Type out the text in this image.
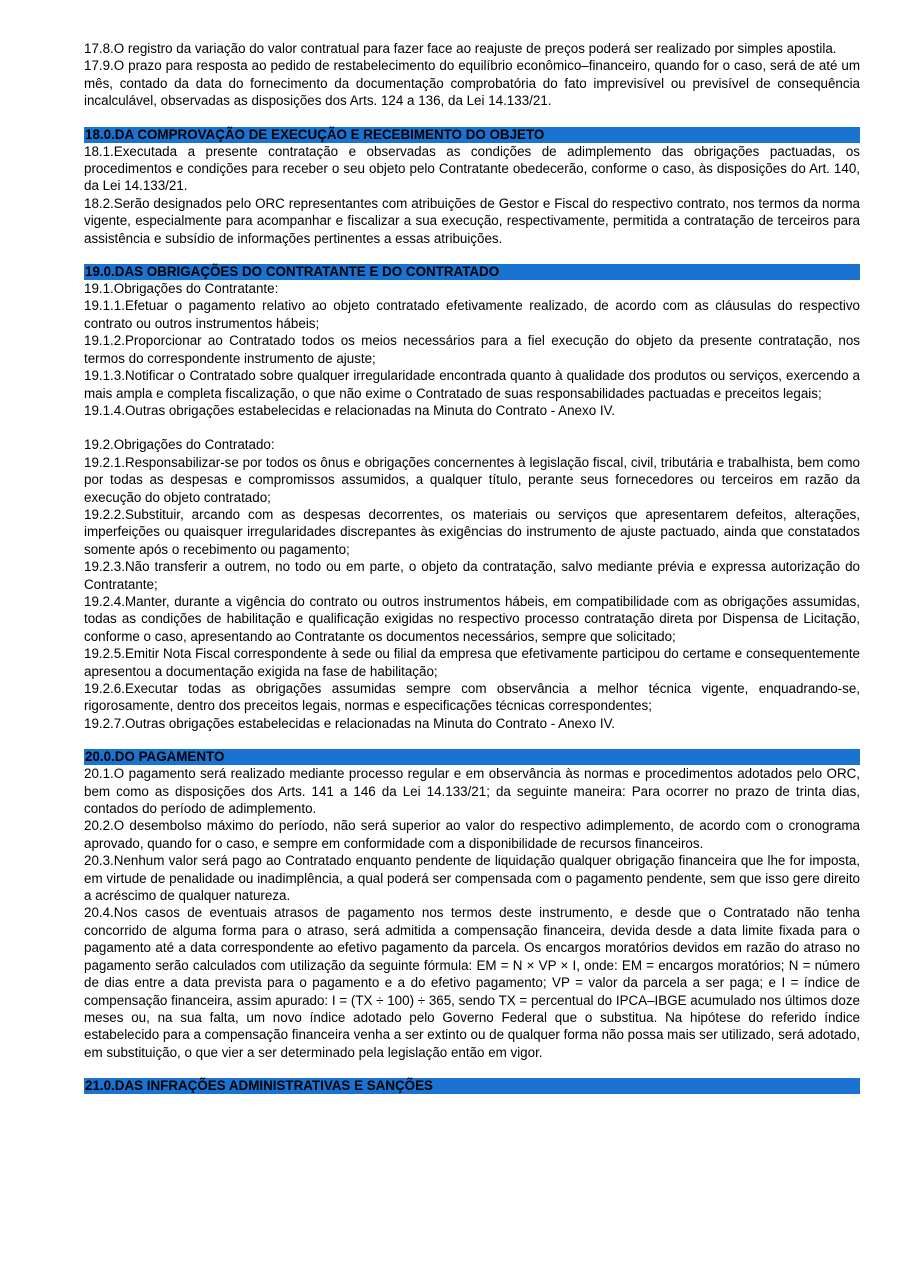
17.8.O registro da variação do valor contratual para fazer face ao reajuste de preços poderá ser realizado por simples apostila.

17.9.O prazo para resposta ao pedido de restabelecimento do equilíbrio econômico–financeiro, quando for o caso, será de até um mês, contado da data do fornecimento da documentação comprobatória do fato imprevisível ou previsível de consequência incalculável, observadas as disposições dos Arts. 124 a 136, da Lei 14.133/21.

18.0.DA COMPROVAÇÃO DE EXECUÇÃO E RECEBIMENTO DO OBJETO

18.1.Executada a presente contratação e observadas as condições de adimplemento das obrigações pactuadas, os procedimentos e condições para receber o seu objeto pelo Contratante obedecerão, conforme o caso, às disposições do Art. 140, da Lei 14.133/21.

18.2.Serão designados pelo ORC representantes com atribuições de Gestor e Fiscal do respectivo contrato, nos termos da norma vigente, especialmente para acompanhar e fiscalizar a sua execução, respectivamente, permitida a contratação de terceiros para assistência e subsídio de informações pertinentes a essas atribuições.

19.0.DAS OBRIGAÇÕES DO CONTRATANTE E DO CONTRATADO

19.1.Obrigações do Contratante:

19.1.1.Efetuar o pagamento relativo ao objeto contratado efetivamente realizado, de acordo com as cláusulas do respectivo contrato ou outros instrumentos hábeis;

19.1.2.Proporcionar ao Contratado todos os meios necessários para a fiel execução do objeto da presente contratação, nos termos do correspondente instrumento de ajuste;

19.1.3.Notificar o Contratado sobre qualquer irregularidade encontrada quanto à qualidade dos produtos ou serviços, exercendo a mais ampla e completa fiscalização, o que não exime o Contratado de suas responsabilidades pactuadas e preceitos legais;

19.1.4.Outras obrigações estabelecidas e relacionadas na Minuta do Contrato - Anexo IV.

19.2.Obrigações do Contratado:

19.2.1.Responsabilizar-se por todos os ônus e obrigações concernentes à legislação fiscal, civil, tributária e trabalhista, bem como por todas as despesas e compromissos assumidos, a qualquer título, perante seus fornecedores ou terceiros em razão da execução do objeto contratado;

19.2.2.Substituir, arcando com as despesas decorrentes, os materiais ou serviços que apresentarem defeitos, alterações, imperfeições ou quaisquer irregularidades discrepantes às exigências do instrumento de ajuste pactuado, ainda que constatados somente após o recebimento ou pagamento;

19.2.3.Não transferir a outrem, no todo ou em parte, o objeto da contratação, salvo mediante prévia e expressa autorização do Contratante;

19.2.4.Manter, durante a vigência do contrato ou outros instrumentos hábeis, em compatibilidade com as obrigações assumidas, todas as condições de habilitação e qualificação exigidas no respectivo processo contratação direta por Dispensa de Licitação, conforme o caso, apresentando ao Contratante os documentos necessários, sempre que solicitado;

19.2.5.Emitir Nota Fiscal correspondente à sede ou filial da empresa que efetivamente participou do certame e consequentemente apresentou a documentação exigida na fase de habilitação;

19.2.6.Executar todas as obrigações assumidas sempre com observância a melhor técnica vigente, enquadrando-se, rigorosamente, dentro dos preceitos legais, normas e especificações técnicas correspondentes;

19.2.7.Outras obrigações estabelecidas e relacionadas na Minuta do Contrato - Anexo IV.

20.0.DO PAGAMENTO

20.1.O pagamento será realizado mediante processo regular e em observância às normas e procedimentos adotados pelo ORC, bem como as disposições dos Arts. 141 a 146 da Lei 14.133/21; da seguinte maneira: Para ocorrer no prazo de trinta dias, contados do período de adimplemento.

20.2.O desembolso máximo do período, não será superior ao valor do respectivo adimplemento, de acordo com o cronograma aprovado, quando for o caso, e sempre em conformidade com a disponibilidade de recursos financeiros.

20.3.Nenhum valor será pago ao Contratado enquanto pendente de liquidação qualquer obrigação financeira que lhe for imposta, em virtude de penalidade ou inadimplência, a qual poderá ser compensada com o pagamento pendente, sem que isso gere direito a acréscimo de qualquer natureza.

20.4.Nos casos de eventuais atrasos de pagamento nos termos deste instrumento, e desde que o Contratado não tenha concorrido de alguma forma para o atraso, será admitida a compensação financeira, devida desde a data limite fixada para o pagamento até a data correspondente ao efetivo pagamento da parcela. Os encargos moratórios devidos em razão do atraso no pagamento serão calculados com utilização da seguinte fórmula: EM = N × VP × I, onde: EM = encargos moratórios; N = número de dias entre a data prevista para o pagamento e a do efetivo pagamento; VP = valor da parcela a ser paga; e I = índice de compensação financeira, assim apurado: I = (TX ÷ 100) ÷ 365, sendo TX = percentual do IPCA–IBGE acumulado nos últimos doze meses ou, na sua falta, um novo índice adotado pelo Governo Federal que o substitua. Na hipótese do referido índice estabelecido para a compensação financeira venha a ser extinto ou de qualquer forma não possa mais ser utilizado, será adotado, em substituição, o que vier a ser determinado pela legislação então em vigor.

21.0.DAS INFRAÇÕES ADMINISTRATIVAS E SANÇÕES
